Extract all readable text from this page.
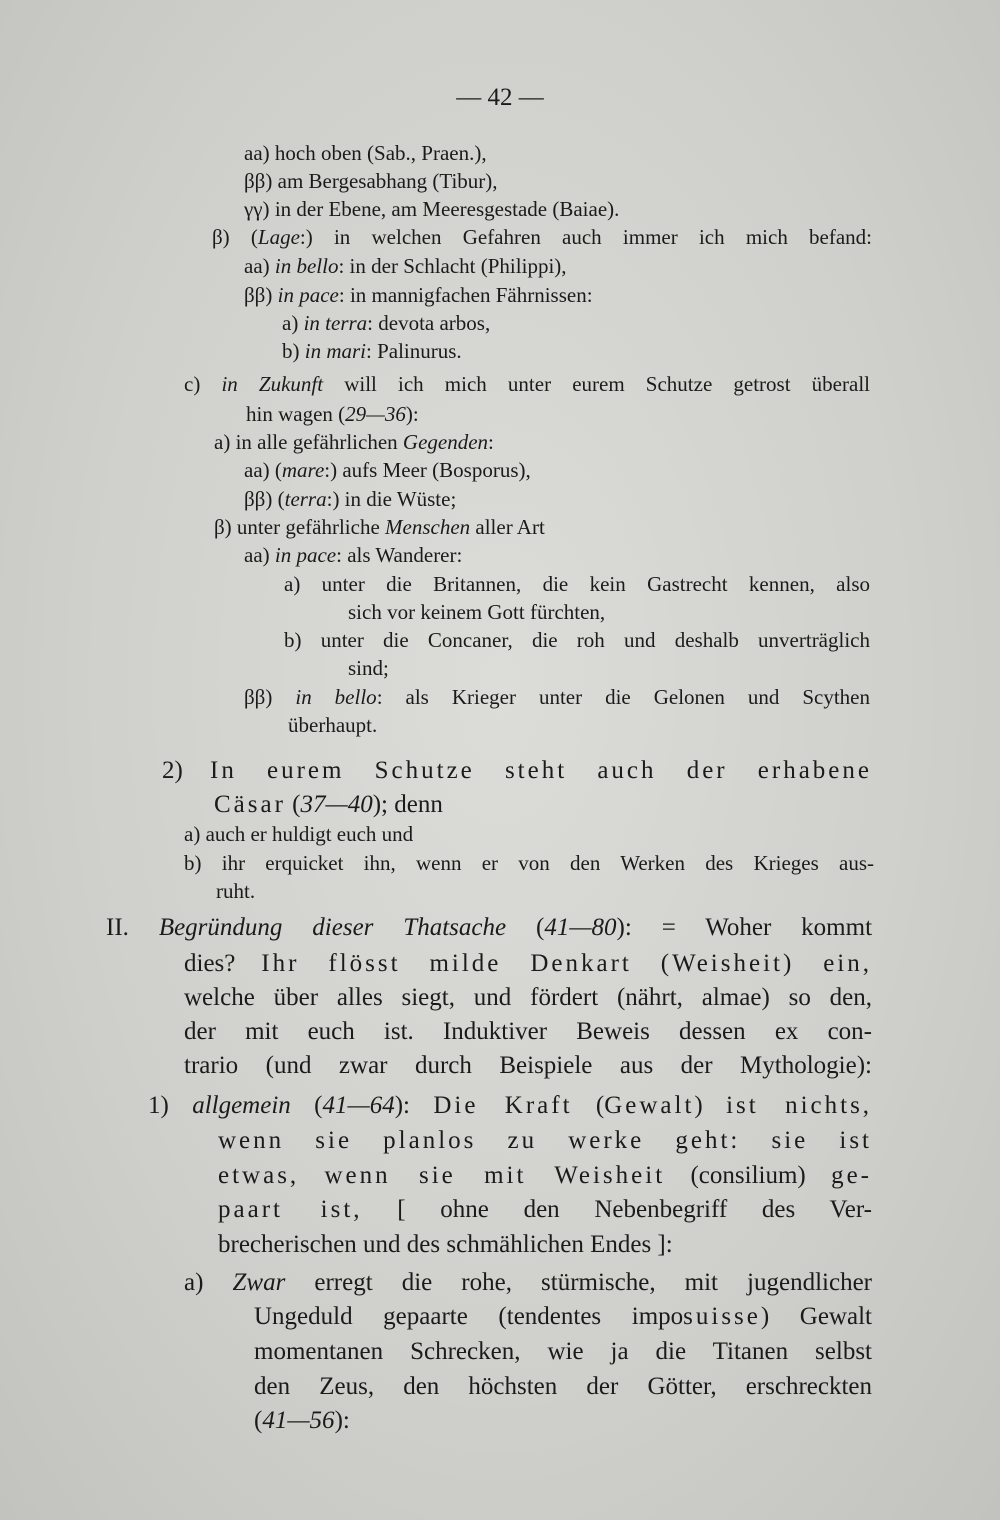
— 42 —
aa) hoch oben (Sab., Praen.),
ββ) am Bergesabhang (Tibur),
γγ) in der Ebene, am Meeresgestade (Baiae).
β) (Lage:) in welchen Gefahren auch immer ich mich befand:
aa) in bello: in der Schlacht (Philippi),
ββ) in pace: in mannigfachen Fährnissen:
a) in terra: devota arbos,
b) in mari: Palinurus.
c) in Zukunft will ich mich unter eurem Schutze getrost überall
hin wagen (29—36):
a) in alle gefährlichen Gegenden:
aa) (mare:) aufs Meer (Bosporus),
ββ) (terra:) in die Wüste;
β) unter gefährliche Menschen aller Art
aa) in pace: als Wanderer:
a) unter die Britannen, die kein Gastrecht kennen, also
sich vor keinem Gott fürchten,
b) unter die Concaner, die roh und deshalb unverträglich
sind;
ββ) in bello: als Krieger unter die Gelonen und Scythen
überhaupt.
2) In eurem Schutze steht auch der erhabene
Cäsar (37—40); denn
a) auch er huldigt euch und
b) ihr erquicket ihn, wenn er von den Werken des Krieges aus-
ruht.
II. Begründung dieser Thatsache (41—80): = Woher kommt
dies? Ihr flösst milde Denkart (Weisheit) ein,
welche über alles siegt, und fördert (nährt, almae) so den,
der mit euch ist. Induktiver Beweis dessen ex con-
trario (und zwar durch Beispiele aus der Mythologie):
1) allgemein (41—64): Die Kraft (Gewalt) ist nichts,
wenn sie planlos zu werke geht: sie ist
etwas, wenn sie mit Weisheit (consilium) ge-
paart ist, [ ohne den Nebenbegriff des Ver-
brecherischen und des schmählichen Endes ]:
a) Zwar erregt die rohe, stürmische, mit jugendlicher
Ungeduld gepaarte (tendentes imposuisse) Gewalt
momentanen Schrecken, wie ja die Titanen selbst
den Zeus, den höchsten der Götter, erschreckten
(41—56):
